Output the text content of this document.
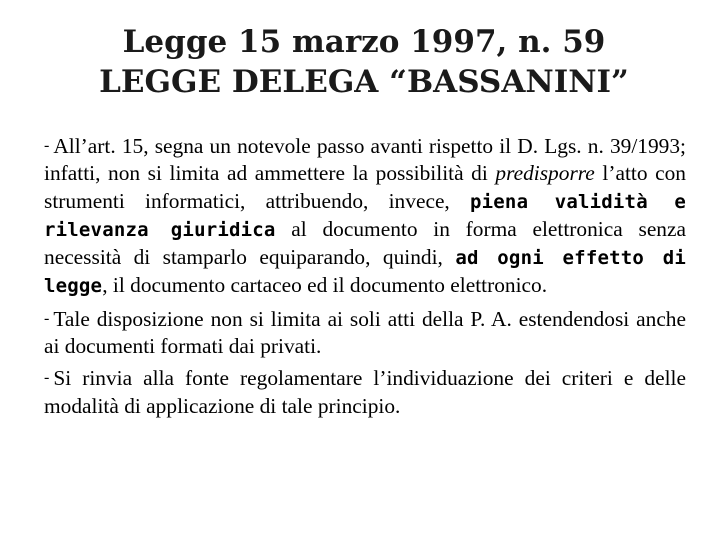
Legge 15 marzo 1997, n. 59
LEGGE DELEGA “BASSANINI”

- All’art. 15, segna un notevole passo avanti rispetto il D. Lgs. n. 39/1993; infatti, non si limita ad ammettere la possibilità di predisporre l’atto con strumenti informatici, attribuendo, invece, piena validità e rilevanza giuridica al documento in forma elettronica senza necessità di stamparlo equiparando, quindi, ad ogni effetto di legge, il documento cartaceo ed il documento elettronico.

- Tale disposizione non si limita ai soli atti della P. A. estendendosi anche ai documenti formati dai privati.

- Si rinvia alla fonte regolamentare l’individuazione dei criteri e delle modalità di applicazione di tale principio.
